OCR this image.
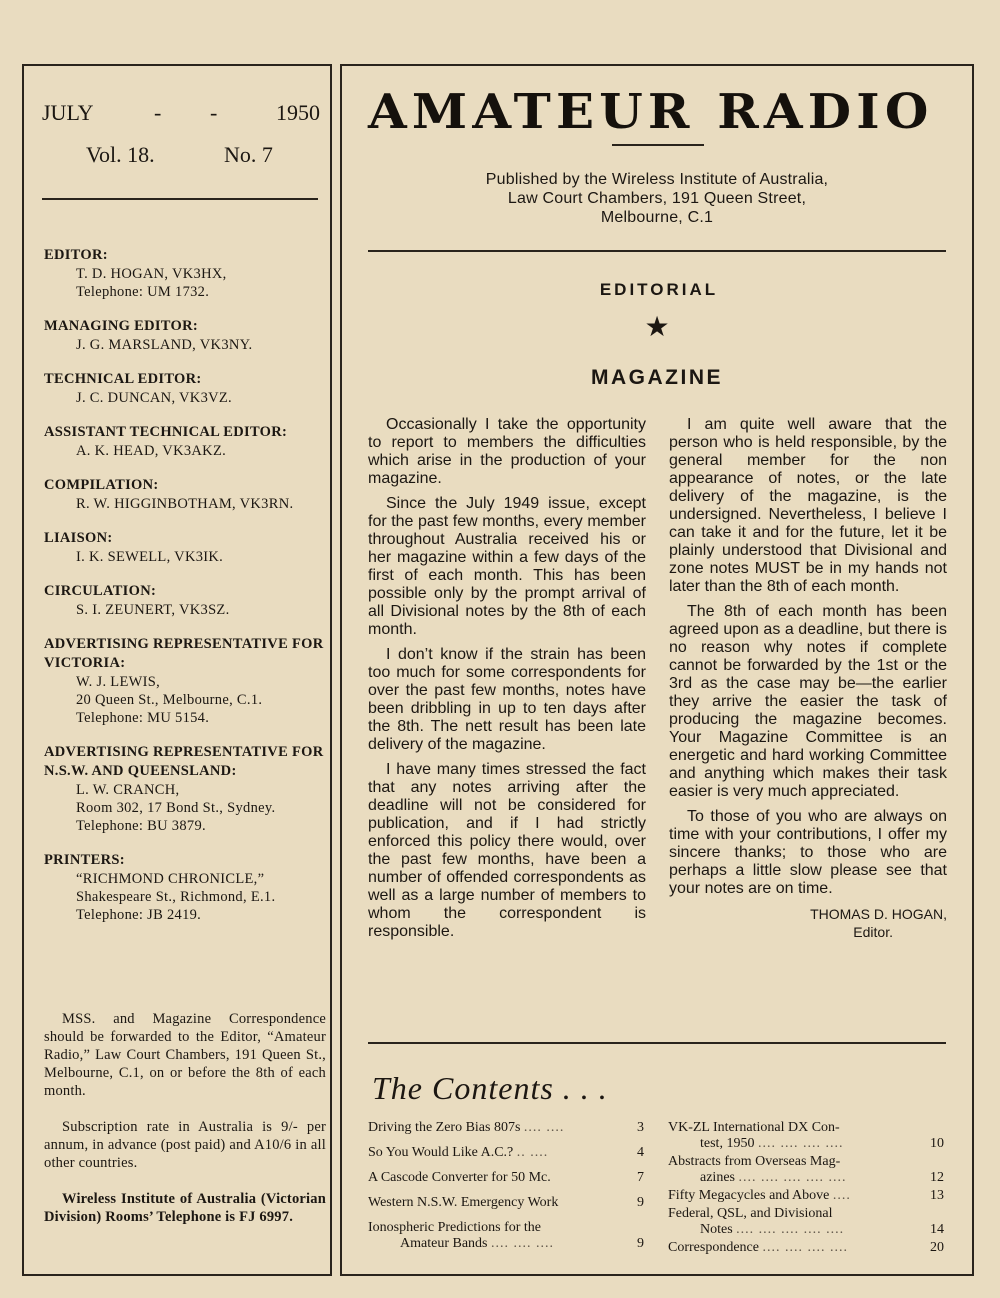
JULY	- -	1950
Vol. 18.	No. 7

EDITOR:

T. D. HOGAN, VK3HX,
Telephone: UM 1732.

MANAGING EDITOR:

J. G. MARSLAND, VK3NY.

TECHNICAL EDITOR:

J. C. DUNCAN, VK3VZ.

ASSISTANT TECHNICAL EDITOR:

A. K. HEAD, VK3AKZ.

COMPILATION:

R. W. HIGGINBOTHAM, VK3RN.

LIAISON:

I. K. SEWELL, VK3IK.

CIRCULATION:

S. I. ZEUNERT, VK3SZ.

ADVERTISING REPRESENTATIVE FOR VICTORIA:

W. J. LEWIS,
20 Queen St., Melbourne, C.1.
Telephone: MU 5154.

ADVERTISING REPRESENTATIVE FOR N.S.W. AND QUEENSLAND:

L. W. CRANCH,
Room 302, 17 Bond St., Sydney.
Telephone: BU 3879.

PRINTERS:

“RICHMOND CHRONICLE,”
Shakespeare St., Richmond, E.1.
Telephone: JB 2419.

MSS. and Magazine Correspondence should be forwarded to the Editor, “Amateur Radio,” Law Court Chambers, 191 Queen St., Melbourne, C.1, on or before the 8th of each month.

Subscription rate in Australia is 9/- per annum, in advance (post paid) and A10/6 in all other countries.

Wireless Institute of Australia (Victorian Division) Rooms’ Telephone is FJ 6997.

AMATEUR RADIO
Published by the Wireless Institute of Australia,
Law Court Chambers, 191 Queen Street,
Melbourne, C.1
EDITORIAL
★
MAGAZINE

Occasionally I take the opportunity to report to members the difficulties which arise in the production of your magazine.

Since the July 1949 issue, except for the past few months, every member throughout Australia received his or her magazine within a few days of the first of each month. This has been possible only by the prompt arrival of all Divisional notes by the 8th of each month.

I don’t know if the strain has been too much for some correspondents for over the past few months, notes have been dribbling in up to ten days after the 8th. The nett result has been late delivery of the magazine.

I have many times stressed the fact that any notes arriving after the deadline will not be considered for publication, and if I had strictly enforced this policy there would, over the past few months, have been a number of offended correspondents as well as a large number of members to whom the correspondent is responsible.

I am quite well aware that the person who is held responsible, by the general member for the non appearance of notes, or the late delivery of the magazine, is the undersigned. Nevertheless, I believe I can take it and for the future, let it be plainly understood that Divisional and zone notes MUST be in my hands not later than the 8th of each month.

The 8th of each month has been agreed upon as a deadline, but there is no reason why notes if complete cannot be forwarded by the 1st or the 3rd as the case may be—the earlier they arrive the easier the task of producing the magazine becomes. Your Magazine Committee is an energetic and hard working Committee and anything which makes their task easier is very much appreciated.

To those of you who are always on time with your contributions, I offer my sincere thanks; to those who are perhaps a little slow please see that your notes are on time.

THOMAS D. HOGAN,
Editor.
The Contents . . .
Driving the Zero Bias 807s .... ....	3
So You Would Like A.C.? .. ....	4
A Cascode Converter for 50 Mc.	7
Western N.S.W. Emergency Work	9
Ionospheric Predictions for the
Amateur Bands .... .... ....	9
VK-ZL International DX Con-
test, 1950 .... .... .... ....	10
Abstracts from Overseas Mag-
azines .... .... .... .... ....	12
Fifty Megacycles and Above ....	13
Federal, QSL, and Divisional
Notes .... .... .... .... ....	14
Correspondence .... .... .... ....	20
